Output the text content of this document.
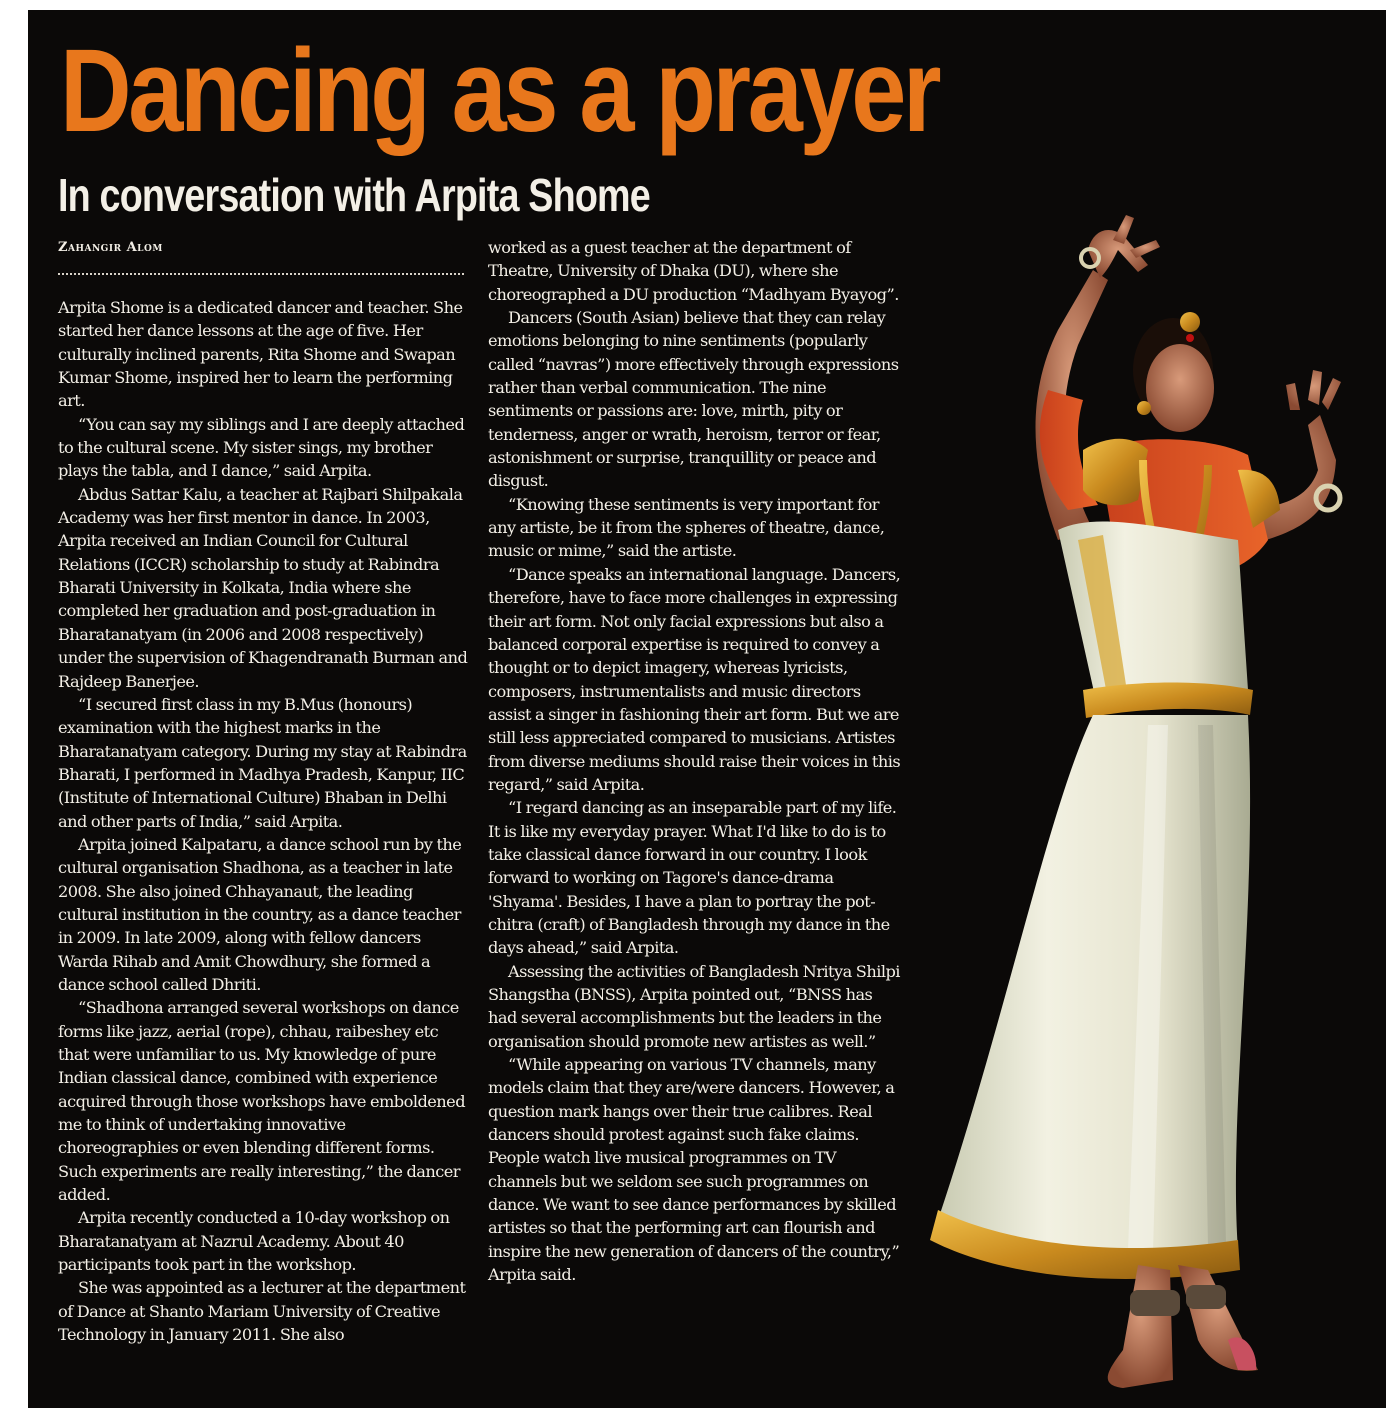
Dancing as a prayer
In conversation with Arpita Shome
Zahangir Alom

Arpita Shome is a dedicated dancer and teacher. She started her dance lessons at the age of five. Her culturally inclined parents, Rita Shome and Swapan Kumar Shome, inspired her to learn the performing art.

“You can say my siblings and I are deeply attached to the cultural scene. My sister sings, my brother plays the tabla, and I dance,” said Arpita.

Abdus Sattar Kalu, a teacher at Rajbari Shilpakala Academy was her first mentor in dance. In 2003, Arpita received an Indian Council for Cultural Relations (ICCR) scholarship to study at Rabindra Bharati University in Kolkata, India where she completed her graduation and post-graduation in Bharatanatyam (in 2006 and 2008 respectively) under the supervision of Khagendranath Burman and Rajdeep Banerjee.

“I secured first class in my B.Mus (honours) examination with the highest marks in the Bharatanatyam category. During my stay at Rabindra Bharati, I performed in Madhya Pradesh, Kanpur, IIC (Institute of International Culture) Bhaban in Delhi and other parts of India,” said Arpita.

Arpita joined Kalpataru, a dance school run by the cultural organisation Shadhona, as a teacher in late 2008. She also joined Chhayanaut, the leading cultural institution in the country, as a dance teacher in 2009. In late 2009, along with fellow dancers Warda Rihab and Amit Chowdhury, she formed a dance school called Dhriti.

“Shadhona arranged several workshops on dance forms like jazz, aerial (rope), chhau, raibeshey etc that were unfamiliar to us. My knowledge of pure Indian classical dance, combined with experience acquired through those workshops have emboldened me to think of undertaking innovative choreographies or even blending different forms. Such experiments are really interesting,” the dancer added.

Arpita recently conducted a 10-day workshop on Bharatanatyam at Nazrul Academy. About 40 participants took part in the workshop.

She was appointed as a lecturer at the department of Dance at Shanto Mariam University of Creative Technology in January 2011. She also

worked as a guest teacher at the department of Theatre, University of Dhaka (DU), where she choreographed a DU production “Madhyam Byayog”.

Dancers (South Asian) believe that they can relay emotions belonging to nine sentiments (popularly called “navras”) more effectively through expressions rather than verbal communication. The nine sentiments or passions are: love, mirth, pity or tenderness, anger or wrath, heroism, terror or fear, astonishment or surprise, tranquillity or peace and disgust.

“Knowing these sentiments is very important for any artiste, be it from the spheres of theatre, dance, music or mime,” said the artiste.

“Dance speaks an international language. Dancers, therefore, have to face more challenges in expressing their art form. Not only facial expressions but also a balanced corporal expertise is required to convey a thought or to depict imagery, whereas lyricists, composers, instrumentalists and music directors assist a singer in fashioning their art form. But we are still less appreciated compared to musicians. Artistes from diverse mediums should raise their voices in this regard,” said Arpita.

“I regard dancing as an inseparable part of my life. It is like my everyday prayer. What I'd like to do is to take classical dance forward in our country. I look forward to working on Tagore's dance-drama 'Shyama'. Besides, I have a plan to portray the pot-chitra (craft) of Bangladesh through my dance in the days ahead,” said Arpita.

Assessing the activities of Bangladesh Nritya Shilpi Shangstha (BNSS), Arpita pointed out, “BNSS has had several accomplishments but the leaders in the organisation should promote new artistes as well.”

“While appearing on various TV channels, many models claim that they are/were dancers. However, a question mark hangs over their true calibres. Real dancers should protest against such fake claims. People watch live musical programmes on TV channels but we seldom see such programmes on dance. We want to see dance performances by skilled artistes so that the performing art can flourish and inspire the new generation of dancers of the country,” Arpita said.
